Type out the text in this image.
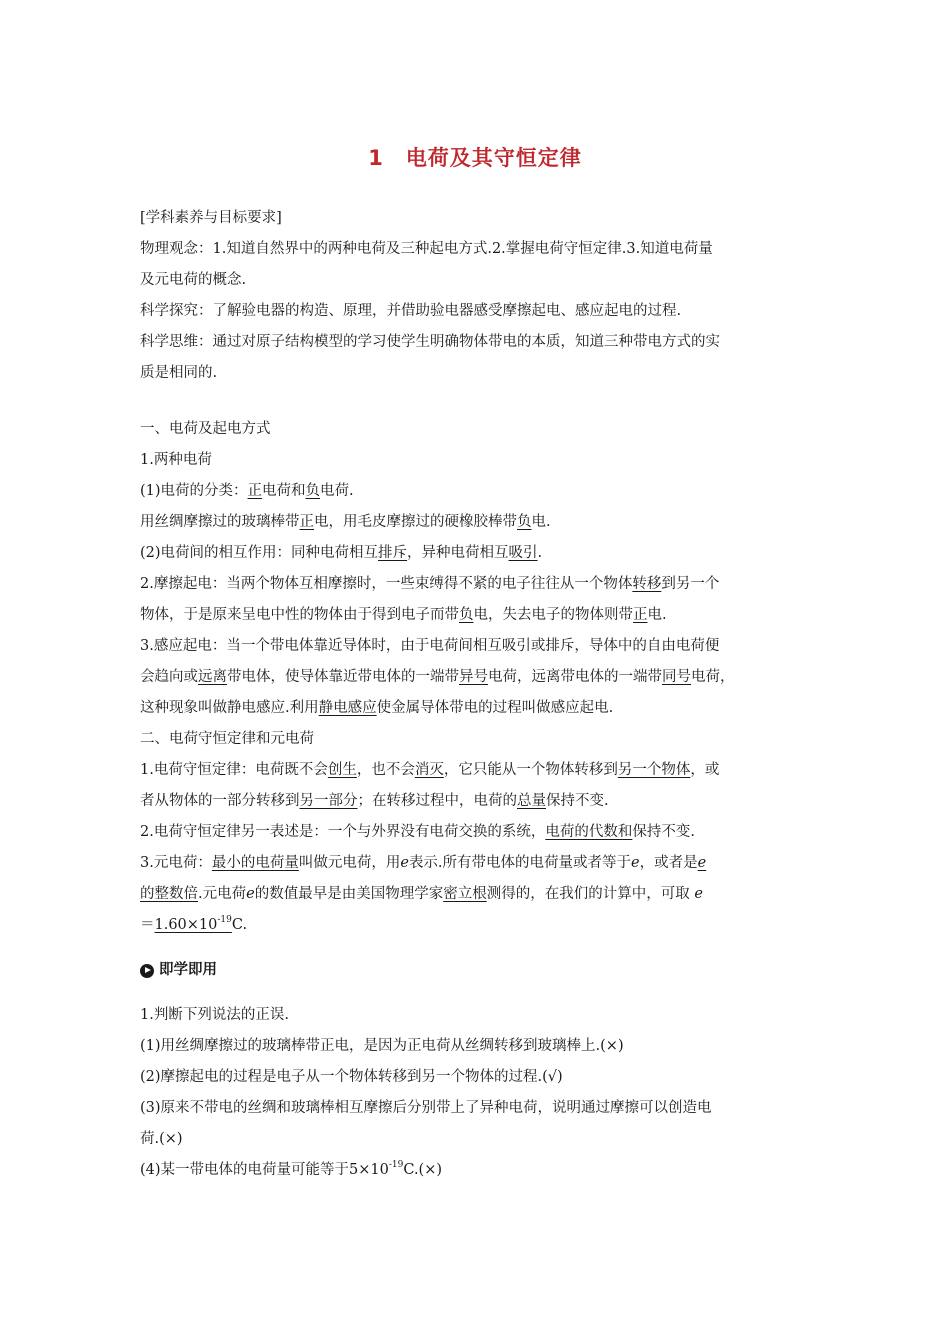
1 电荷及其守恒定律
[学科素养与目标要求]
物理观念：1.知道自然界中的两种电荷及三种起电方式.2.掌握电荷守恒定律.3.知道电荷量
及元电荷的概念.
科学探究：了解验电器的构造、原理，并借助验电器感受摩擦起电、感应起电的过程.
科学思维：通过对原子结构模型的学习使学生明确物体带电的本质，知道三种带电方式的实
质是相同的.
一、电荷及起电方式
1.两种电荷
(1)电荷的分类：正电荷和负电荷.
用丝绸摩擦过的玻璃棒带正电，用毛皮摩擦过的硬橡胶棒带负电.
(2)电荷间的相互作用：同种电荷相互排斥，异种电荷相互吸引.
2.摩擦起电：当两个物体互相摩擦时，一些束缚得不紧的电子往往从一个物体转移到另一个
物体，于是原来呈电中性的物体由于得到电子而带负电，失去电子的物体则带正电.
3.感应起电：当一个带电体靠近导体时，由于电荷间相互吸引或排斥，导体中的自由电荷便
会趋向或远离带电体，使导体靠近带电体的一端带异号电荷，远离带电体的一端带同号电荷，
这种现象叫做静电感应.利用静电感应使金属导体带电的过程叫做感应起电.
二、电荷守恒定律和元电荷
1.电荷守恒定律：电荷既不会创生，也不会消灭，它只能从一个物体转移到另一个物体，或
者从物体的一部分转移到另一部分；在转移过程中，电荷的总量保持不变.
2.电荷守恒定律另一表述是：一个与外界没有电荷交换的系统，电荷的代数和保持不变.
3.元电荷：最小的电荷量叫做元电荷，用e表示.所有带电体的电荷量或者等于e，或者是e
的整数倍.元电荷e的数值最早是由美国物理学家密立根测得的，在我们的计算中，可取 e
$=1.60\times 10^{-19}C$.
即学即用
1.判断下列说法的正误.
(1)用丝绸摩擦过的玻璃棒带正电，是因为正电荷从丝绸转移到玻璃棒上.(×)
(2)摩擦起电的过程是电子从一个物体转移到另一个物体的过程.(√)
(3)原来不带电的丝绸和玻璃棒相互摩擦后分别带上了异种电荷，说明通过摩擦可以创造电
荷.(×)
(4)某一带电体的电荷量可能等于$5\times 10^{-19}C.(\times)$
